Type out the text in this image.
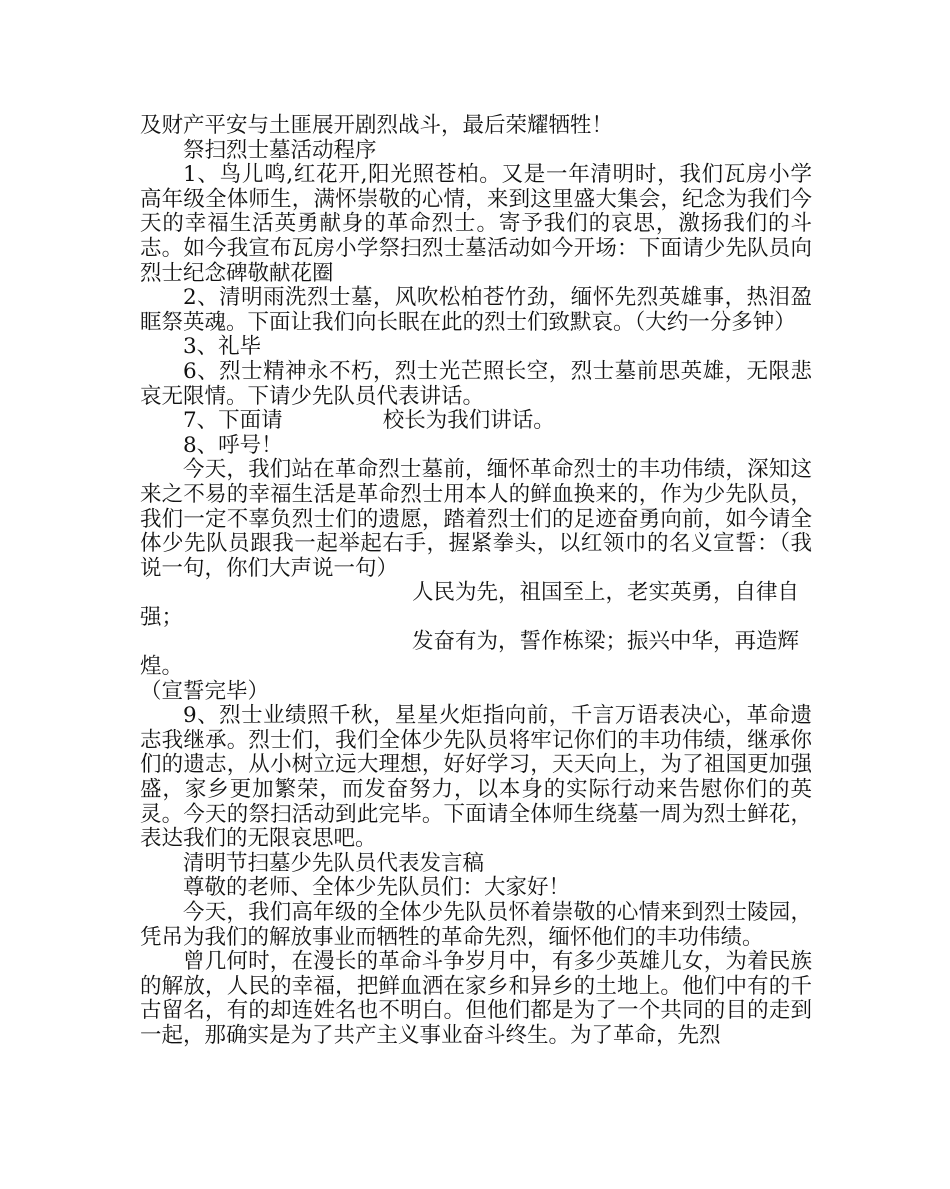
及财产平安与土匪展开剧烈战斗，最后荣耀牺牲！

祭扫烈士墓活动程序

1、鸟儿鸣,红花开,阳光照苍柏。又是一年清明时，我们瓦房小学高年级全体师生，满怀崇敬的心情，来到这里盛大集会，纪念为我们今天的幸福生活英勇献身的革命烈士。寄予我们的哀思，激扬我们的斗志。如今我宣布瓦房小学祭扫烈士墓活动如今开场：下面请少先队员向烈士纪念碑敬献花圈

2、清明雨洗烈士墓，风吹松柏苍竹劲，缅怀先烈英雄事，热泪盈眶祭英魂。下面让我们向长眠在此的烈士们致默哀。（大约一分多钟）

3、礼毕

6、烈士精神永不朽，烈士光芒照长空，烈士墓前思英雄，无限悲哀无限情。下请少先队员代表讲话。

7、下面请	校长为我们讲话。

8、呼号！

今天，我们站在革命烈士墓前，缅怀革命烈士的丰功伟绩，深知这来之不易的幸福生活是革命烈士用本人的鲜血换来的，作为少先队员，我们一定不辜负烈士们的遗愿，踏着烈士们的足迹奋勇向前，如今请全体少先队员跟我一起举起右手，握紧拳头，以红领巾的名义宣誓：（我说一句，你们大声说一句）

人民为先，祖国至上，老实英勇，自律自
强；

发奋有为，誓作栋梁；振兴中华，再造辉
煌。

（宣誓完毕）

9、烈士业绩照千秋，星星火炬指向前，千言万语表决心，革命遗志我继承。烈士们，我们全体少先队员将牢记你们的丰功伟绩，继承你们的遗志，从小树立远大理想，好好学习，天天向上，为了祖国更加强盛，家乡更加繁荣，而发奋努力，以本身的实际行动来告慰你们的英灵。今天的祭扫活动到此完毕。下面请全体师生绕墓一周为烈士鲜花，表达我们的无限哀思吧。

清明节扫墓少先队员代表发言稿

尊敬的老师、全体少先队员们：大家好！

今天，我们高年级的全体少先队员怀着崇敬的心情来到烈士陵园，凭吊为我们的解放事业而牺牲的革命先烈，缅怀他们的丰功伟绩。

曾几何时，在漫长的革命斗争岁月中，有多少英雄儿女，为着民族的解放，人民的幸福，把鲜血洒在家乡和异乡的土地上。他们中有的千古留名，有的却连姓名也不明白。但他们都是为了一个共同的目的走到一起，那确实是为了共产主义事业奋斗终生。为了革命，先烈
